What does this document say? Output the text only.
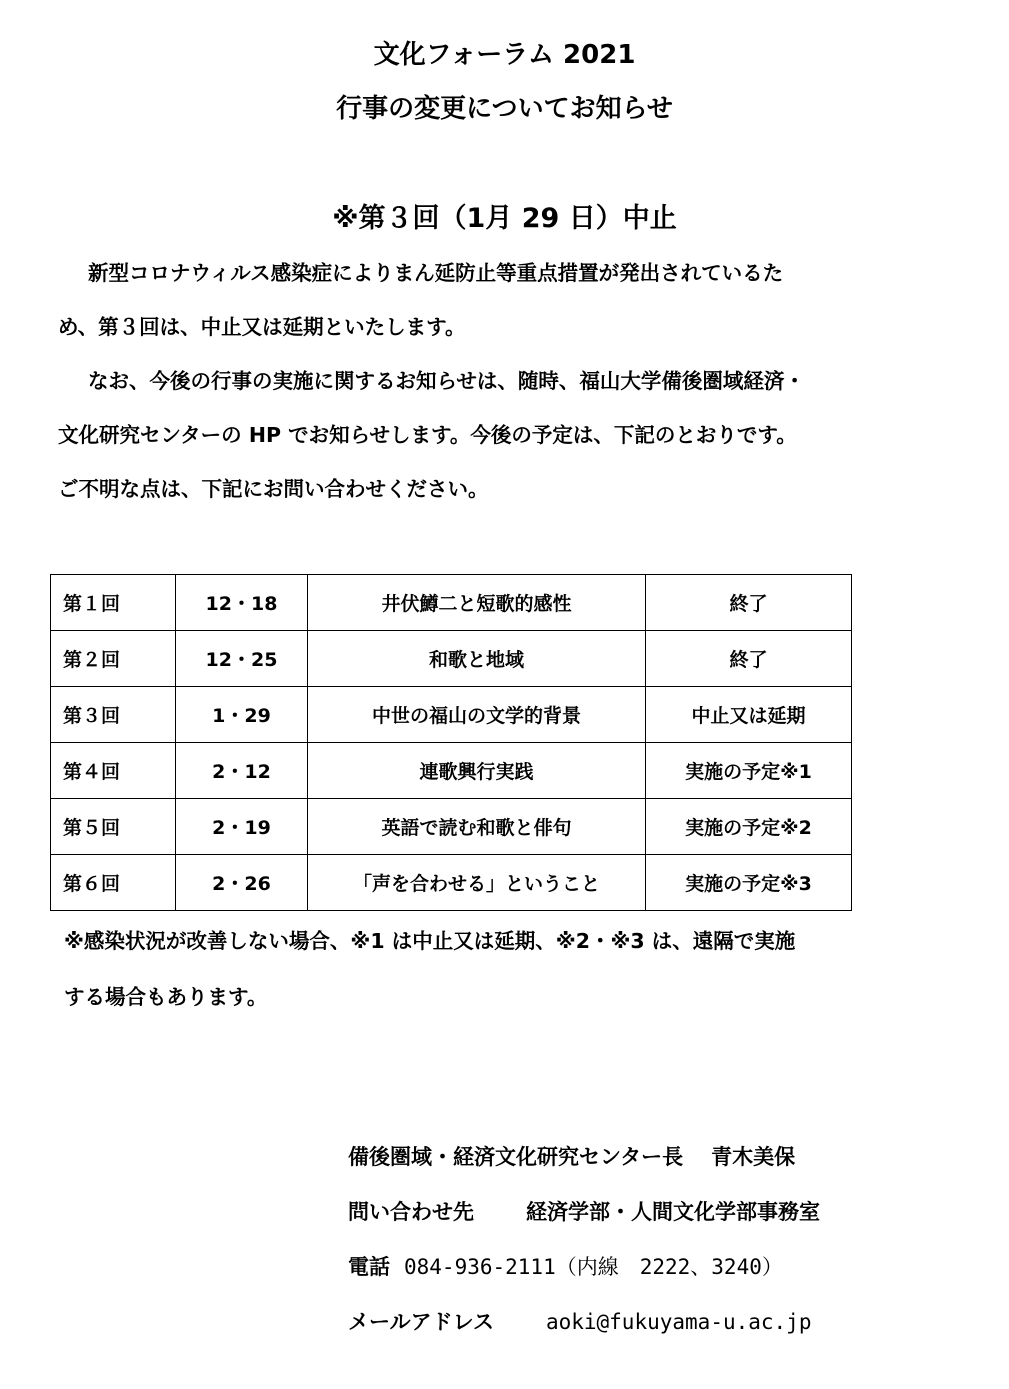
文化フォーラム 2021
行事の変更についてお知らせ
※第３回（1月 29 日）中止
新型コロナウィルス感染症によりまん延防止等重点措置が発出されているた
め、第３回は、中止又は延期といたします。
なお、今後の行事の実施に関するお知らせは、随時、福山大学備後圏域経済・
文化研究センターの HP でお知らせします。今後の予定は、下記のとおりです。
ご不明な点は、下記にお問い合わせください。
第１回	12・18	井伏鱒二と短歌的感性	終了
第２回	12・25	和歌と地域	終了
第３回	1・29	中世の福山の文学的背景	中止又は延期
第４回	2・12	連歌興行実践	実施の予定※1
第５回	2・19	英語で読む和歌と俳句	実施の予定※2
第６回	2・26	「声を合わせる」ということ	実施の予定※3
※感染状況が改善しない場合、※1 は中止又は延期、※2・※3 は、遠隔で実施
する場合もあります。
備後圏域・経済文化研究センター長 青木美保
問い合わせ先 経済学部・人間文化学部事務室
電話 084-936-2111（内線　2222、3240）
メールアドレス aoki@fukuyama-u.ac.jp
